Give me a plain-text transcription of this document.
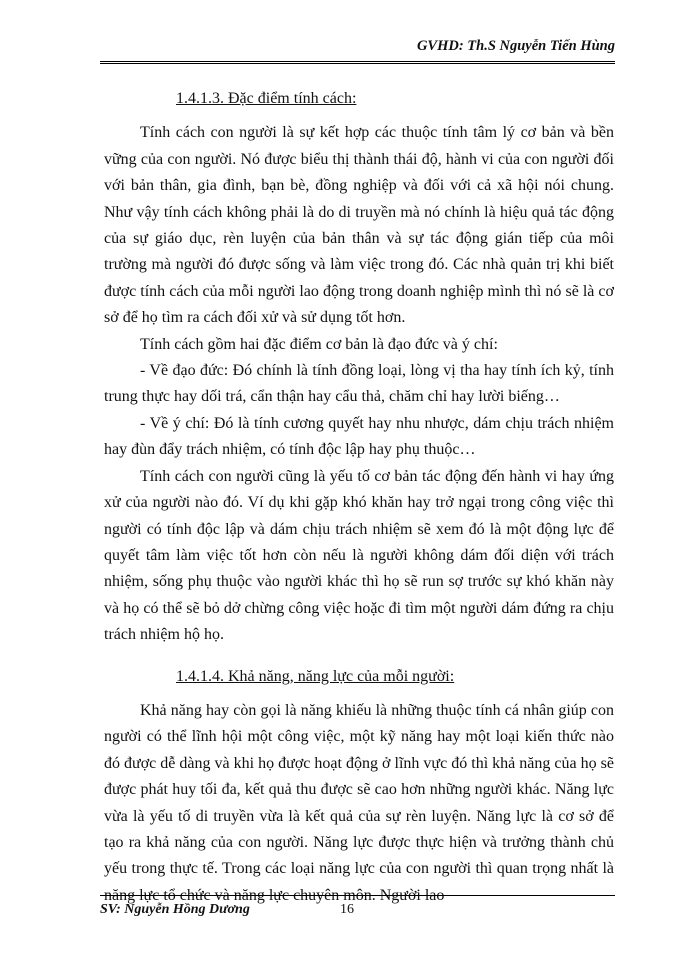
GVHD: Th.S Nguyễn Tiến Hùng

1.4.1.3. Đặc điểm tính cách:

Tính cách con người là sự kết hợp các thuộc tính tâm lý cơ bản và bền vững của con người. Nó được biểu thị thành thái độ, hành vi của con người đối với bản thân, gia đình, bạn bè, đồng nghiệp và đối với cả xã hội nói chung. Như vậy tính cách không phải là do di truyền mà nó chính là hiệu quả tác động của sự giáo dục, rèn luyện của bản thân và sự tác động gián tiếp của môi trường mà người đó được sống và làm việc trong đó. Các nhà quản trị khi biết được tính cách của mỗi người lao động trong doanh nghiệp mình thì nó sẽ là cơ sở để họ tìm ra cách đối xử và sử dụng tốt hơn.

Tính cách gồm hai đặc điểm cơ bản là đạo đức và ý chí:

- Về đạo đức: Đó chính là tính đồng loại, lòng vị tha hay tính ích kỷ, tính trung thực hay dối trá, cẩn thận hay cẩu thả, chăm chỉ hay lười biếng…

- Về ý chí: Đó là tính cương quyết hay nhu nhược, dám chịu trách nhiệm hay đùn đẩy trách nhiệm, có tính độc lập hay phụ thuộc…

Tính cách con người cũng là yếu tố cơ bản tác động đến hành vi hay ứng xử của người nào đó. Ví dụ khi gặp khó khăn hay trở ngại trong công việc thì người có tính độc lập và dám chịu trách nhiệm sẽ xem đó là một động lực để quyết tâm làm việc tốt hơn còn nếu là người không dám đối diện với trách nhiệm, sống phụ thuộc vào người khác thì họ sẽ run sợ trước sự khó khăn này và họ có thể sẽ bỏ dở chừng công việc hoặc đi tìm một người dám đứng ra chịu trách nhiệm hộ họ.

1.4.1.4. Khả năng, năng lực của mỗi người:

Khả năng hay còn gọi là năng khiếu là những thuộc tính cá nhân giúp con người có thể lĩnh hội một công việc, một kỹ năng hay một loại kiến thức nào đó được dễ dàng và khi họ được hoạt động ở lĩnh vực đó thì khả năng của họ sẽ được phát huy tối đa, kết quả thu được sẽ cao hơn những người khác. Năng lực vừa là yếu tố di truyền vừa là kết quả của sự rèn luyện. Năng lực là cơ sở để tạo ra khả năng của con người. Năng lực được thực hiện và trưởng thành chủ yếu trong thực tế. Trong các loại năng lực của con người thì quan trọng nhất là năng lực tổ chức và năng lực chuyên môn. Người lao

SV: Nguyễn Hồng Dương	16
